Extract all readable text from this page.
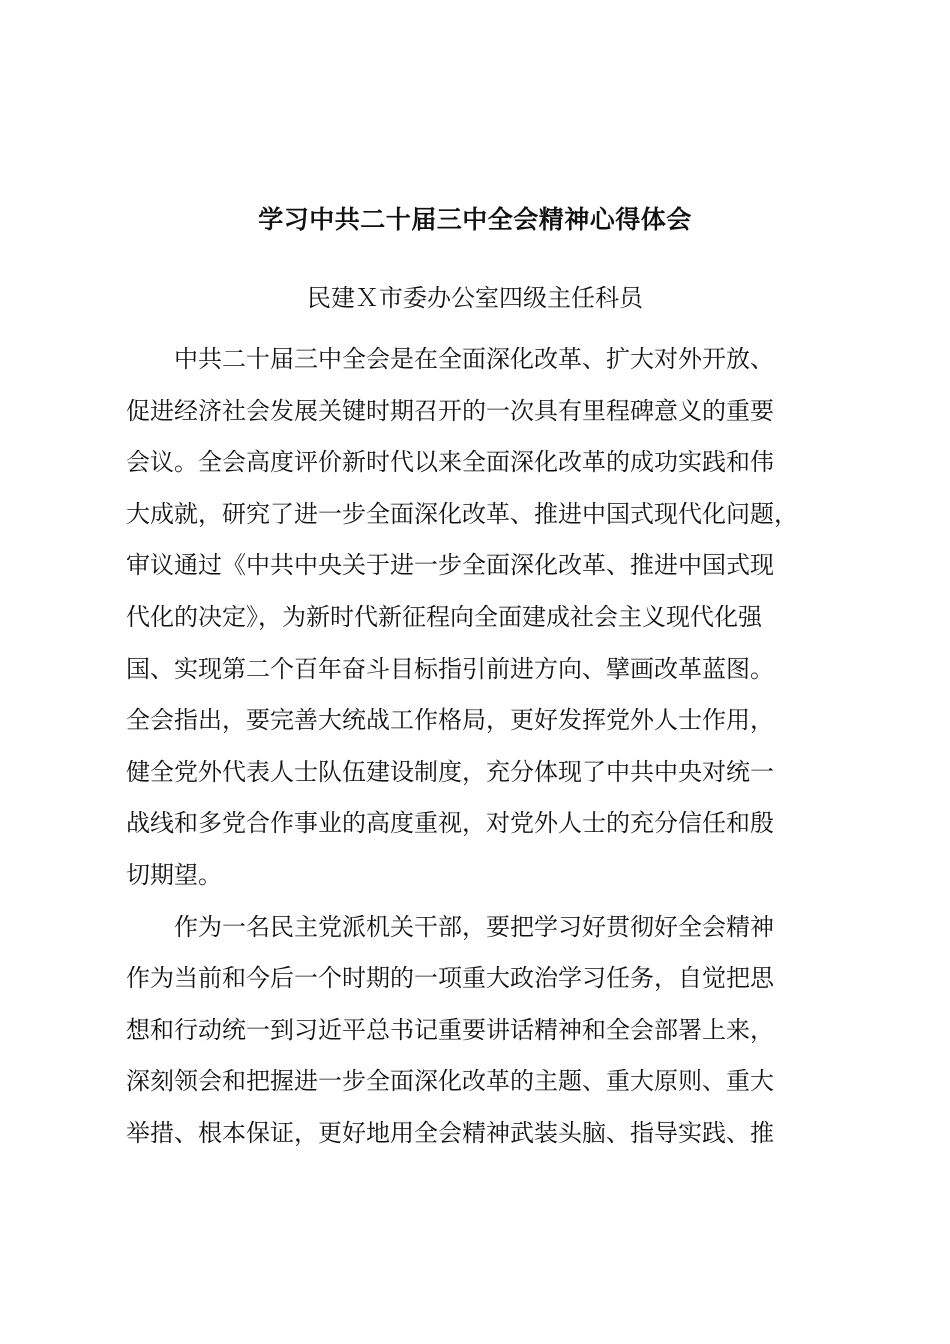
学习中共二十届三中全会精神心得体会
民建Ｘ市委办公室四级主任科员
中共二十届三中全会是在全面深化改革、扩大对外开放、
促进经济社会发展关键时期召开的一次具有里程碑意义的重要
会议。全会高度评价新时代以来全面深化改革的成功实践和伟
大成就，研究了进一步全面深化改革、推进中国式现代化问题，
审议通过《中共中央关于进一步全面深化改革、推进中国式现
代化的决定》，为新时代新征程向全面建成社会主义现代化强
国、实现第二个百年奋斗目标指引前进方向、擘画改革蓝图。
全会指出，要完善大统战工作格局，更好发挥党外人士作用，
健全党外代表人士队伍建设制度，充分体现了中共中央对统一
战线和多党合作事业的高度重视，对党外人士的充分信任和殷
切期望。
作为一名民主党派机关干部，要把学习好贯彻好全会精神
作为当前和今后一个时期的一项重大政治学习任务，自觉把思
想和行动统一到习近平总书记重要讲话精神和全会部署上来，
深刻领会和把握进一步全面深化改革的主题、重大原则、重大
举措、根本保证，更好地用全会精神武装头脑、指导实践、推
